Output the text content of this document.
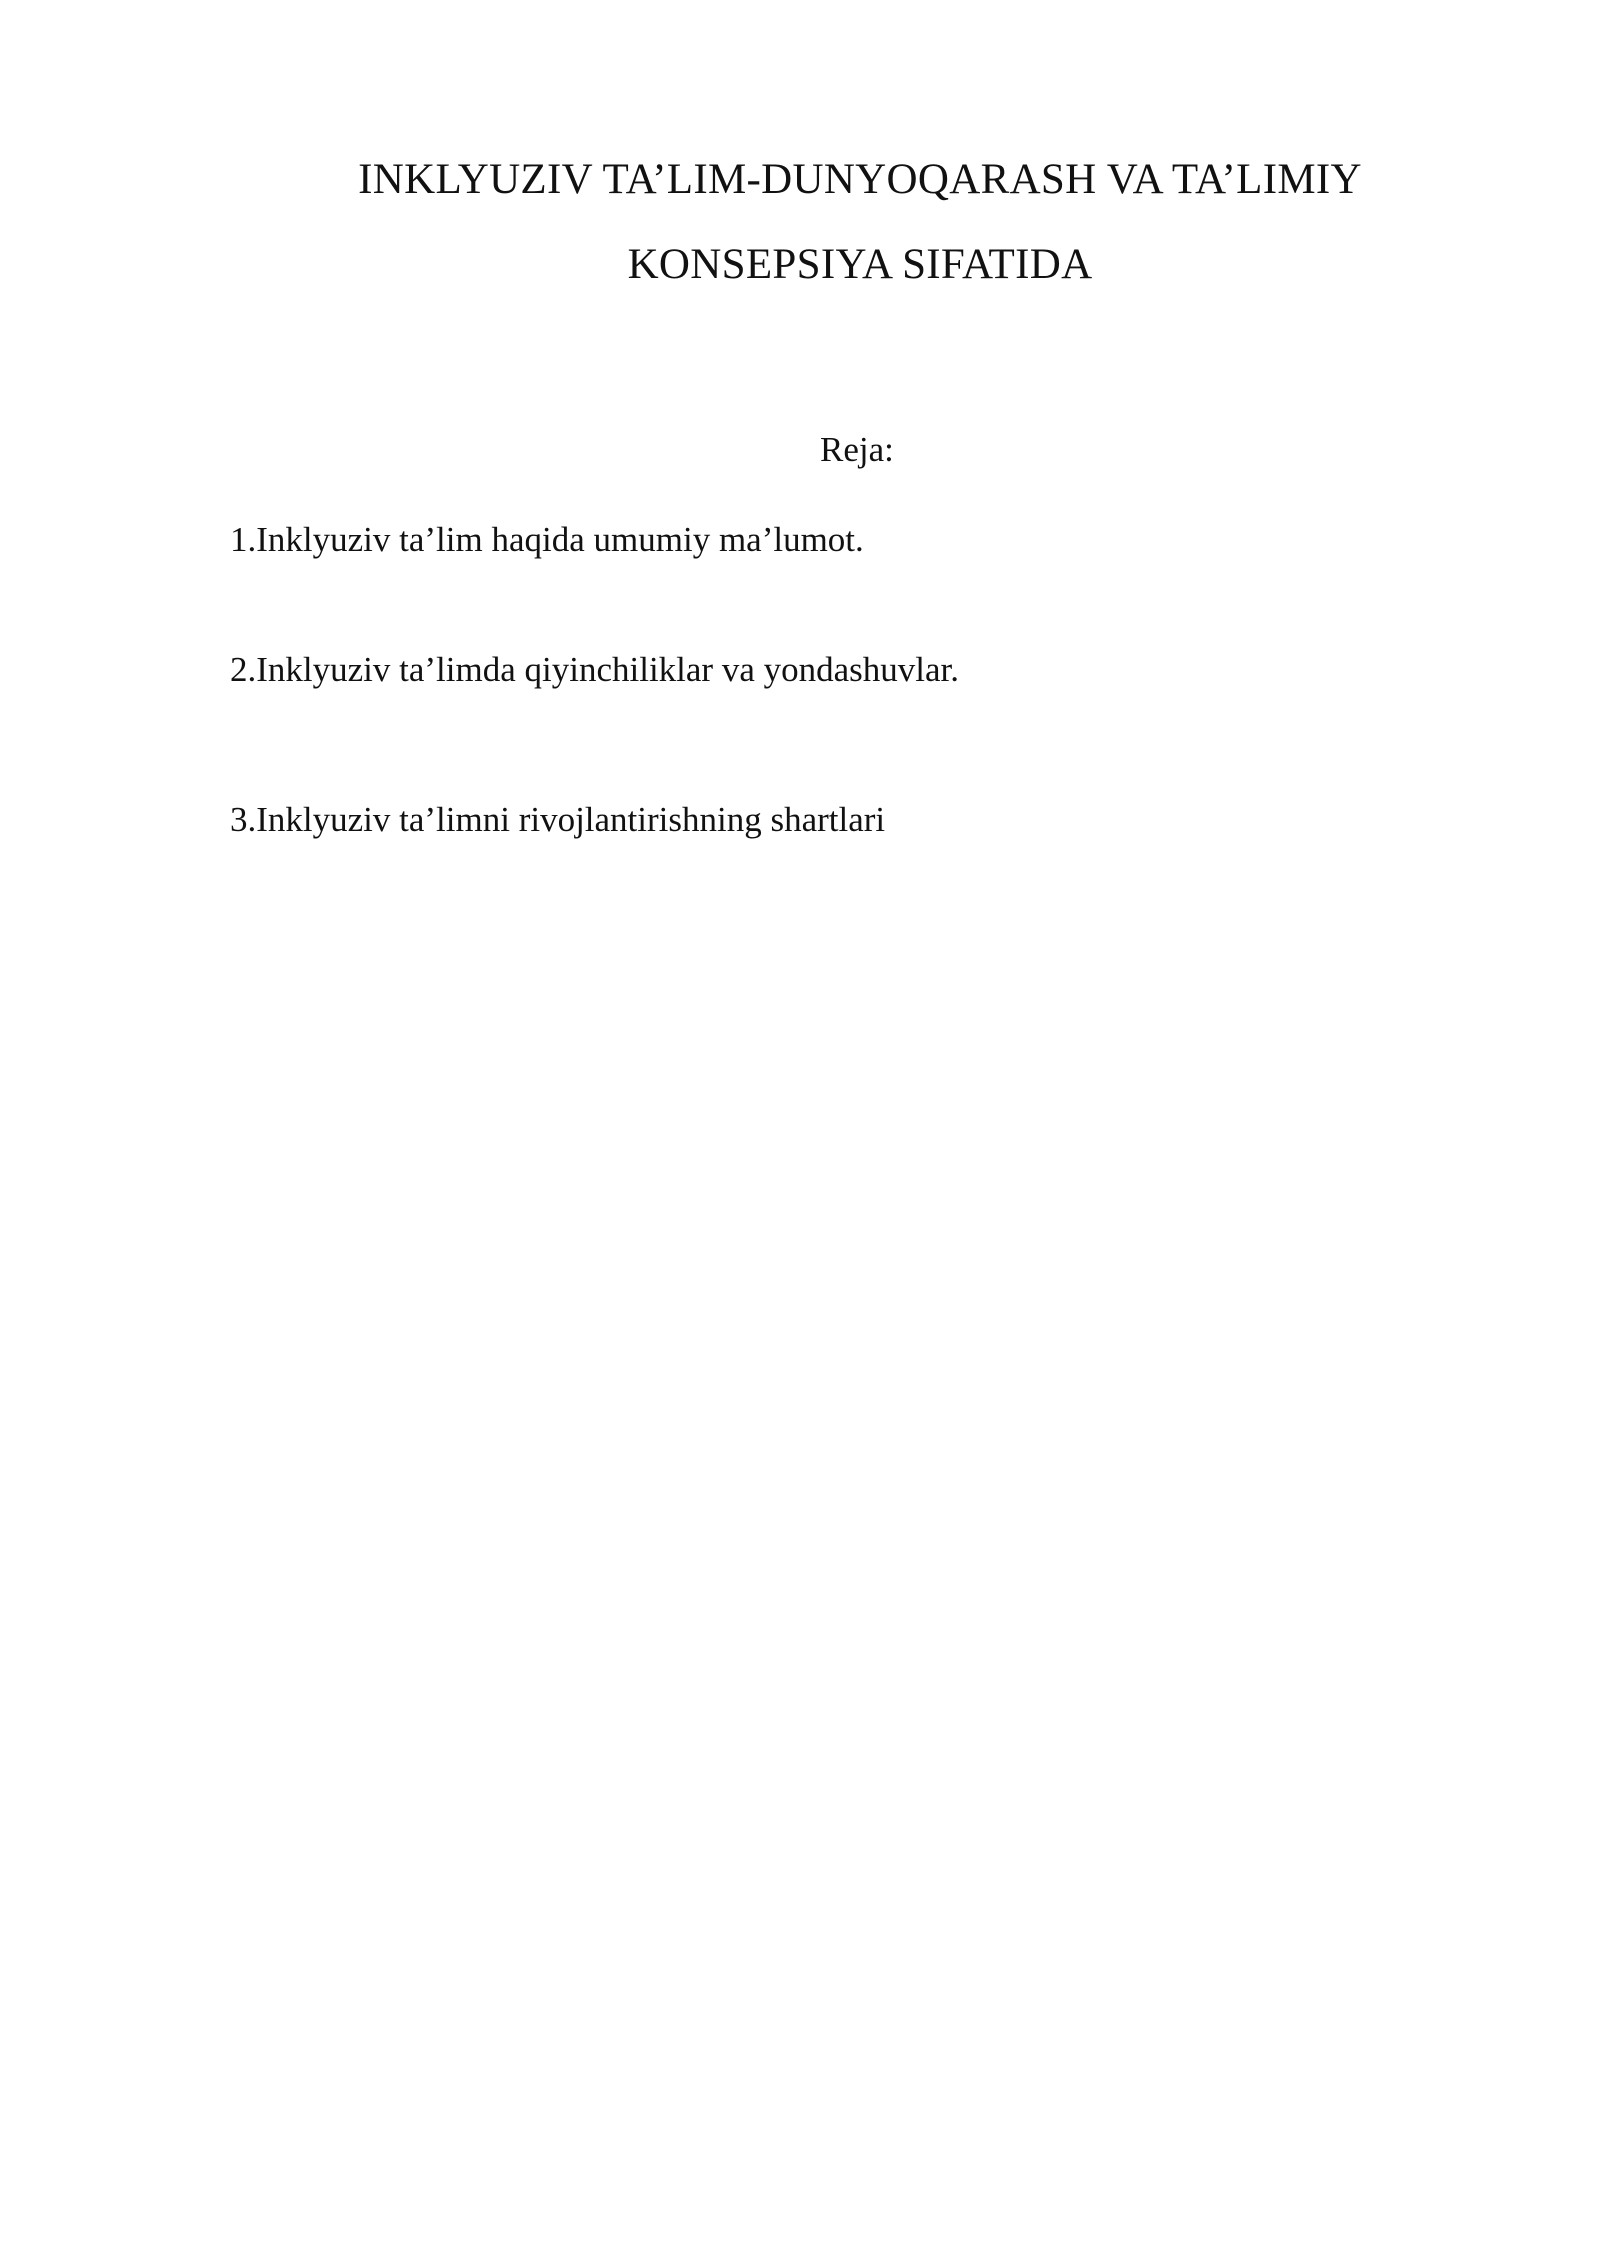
INKLYUZIV TA’LIM-DUNYOQARASH VA TA’LIMIY
KONSEPSIYA SIFATIDA
Reja:
1.Inklyuziv ta’lim haqida umumiy ma’lumot.
2.Inklyuziv ta’limda qiyinchiliklar va yondashuvlar.
3.Inklyuziv ta’limni rivojlantirishning shartlari
